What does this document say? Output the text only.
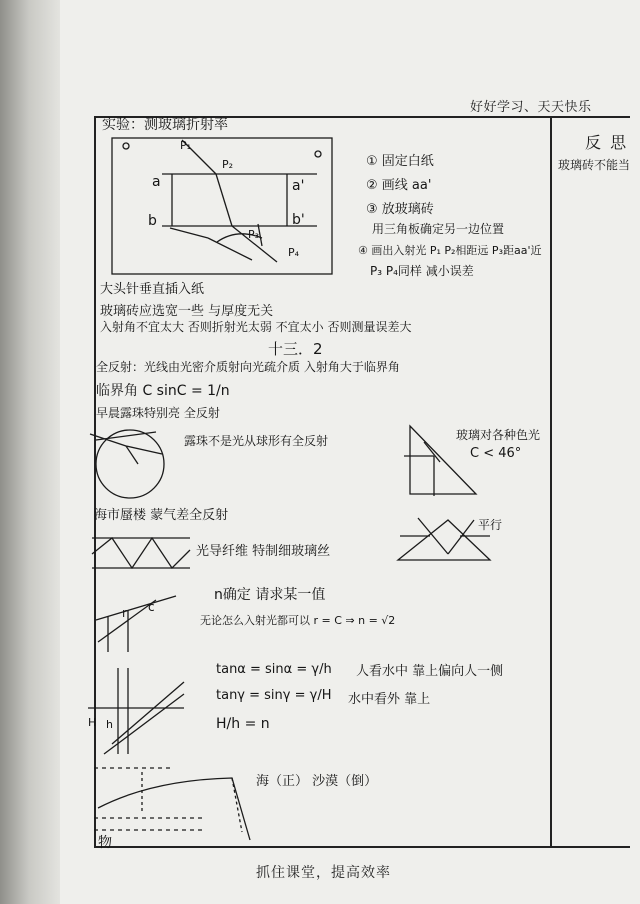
好好学习、天天快乐
抓住课堂，提高效率
反 思
玻璃砖不能当
实验：测玻璃折射率
P₁
P₂
a	a'
b	b'
P₃
P₄
① 固定白纸
② 画线 aa'
③ 放玻璃砖
用三角板确定另一边位置
④ 画出入射光 P₁ P₂相距远 P₃距aa'近
P₃ P₄同样 减小误差
大头针垂直插入纸
玻璃砖应选宽一些 与厚度无关
入射角不宜太大 否则折射光太弱 不宜太小 否则测量误差大
十三．2
全反射：光线由光密介质射向光疏介质 入射角大于临界角
临界角 C sinC = 1/n
早晨露珠特别亮 全反射
露珠不是光从球形有全反射	玻璃对各种色光
C < 46°
海市蜃楼 蒙气差全反射
平行
光导纤维 特制细玻璃丝
r c
n确定 请求某一值
无论怎么入射光都可以 r = C ⇒ n = √2
H h
tanα = sinα = γ/h
tanγ = sinγ = γ/H
人看水中 靠上偏向人一侧
水中看外 靠上
H/h = n
海（正） 沙漠（倒）
物
